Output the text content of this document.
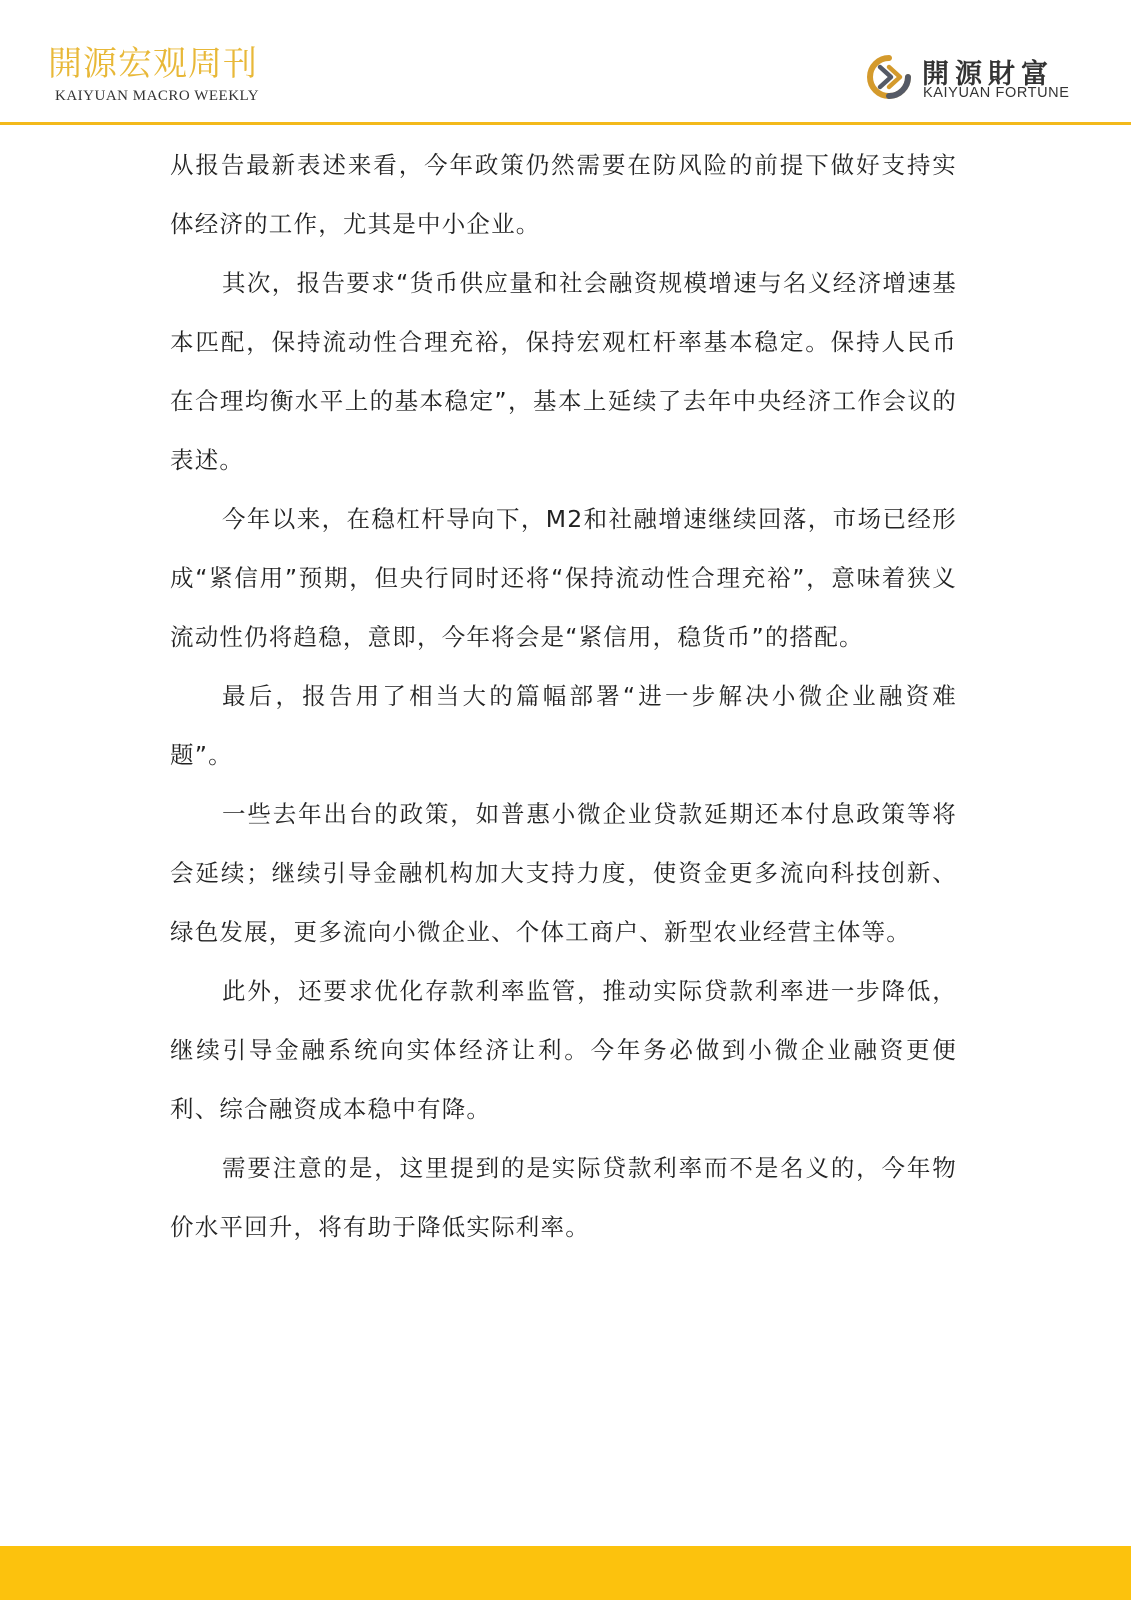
開源宏观周刊
KAIYUAN MACRO WEEKLY
開源財富
KAIYUAN FORTUNE

从报告最新表述来看，今年政策仍然需要在防风险的前提下做好支持实体经济的工作，尤其是中小企业。

其次，报告要求“货币供应量和社会融资规模增速与名义经济增速基本匹配，保持流动性合理充裕，保持宏观杠杆率基本稳定。保持人民币在合理均衡水平上的基本稳定”，基本上延续了去年中央经济工作会议的表述。

今年以来，在稳杠杆导向下，M2和社融增速继续回落，市场已经形成“紧信用”预期，但央行同时还将“保持流动性合理充裕”，意味着狭义流动性仍将趋稳，意即，今年将会是“紧信用，稳货币”的搭配。

最后，报告用了相当大的篇幅部署“进一步解决小微企业融资难题”。

一些去年出台的政策，如普惠小微企业贷款延期还本付息政策等将会延续；继续引导金融机构加大支持力度，使资金更多流向科技创新、绿色发展，更多流向小微企业、个体工商户、新型农业经营主体等。

此外，还要求优化存款利率监管，推动实际贷款利率进一步降低，继续引导金融系统向实体经济让利。今年务必做到小微企业融资更便利、综合融资成本稳中有降。

需要注意的是，这里提到的是实际贷款利率而不是名义的，今年物价水平回升，将有助于降低实际利率。
